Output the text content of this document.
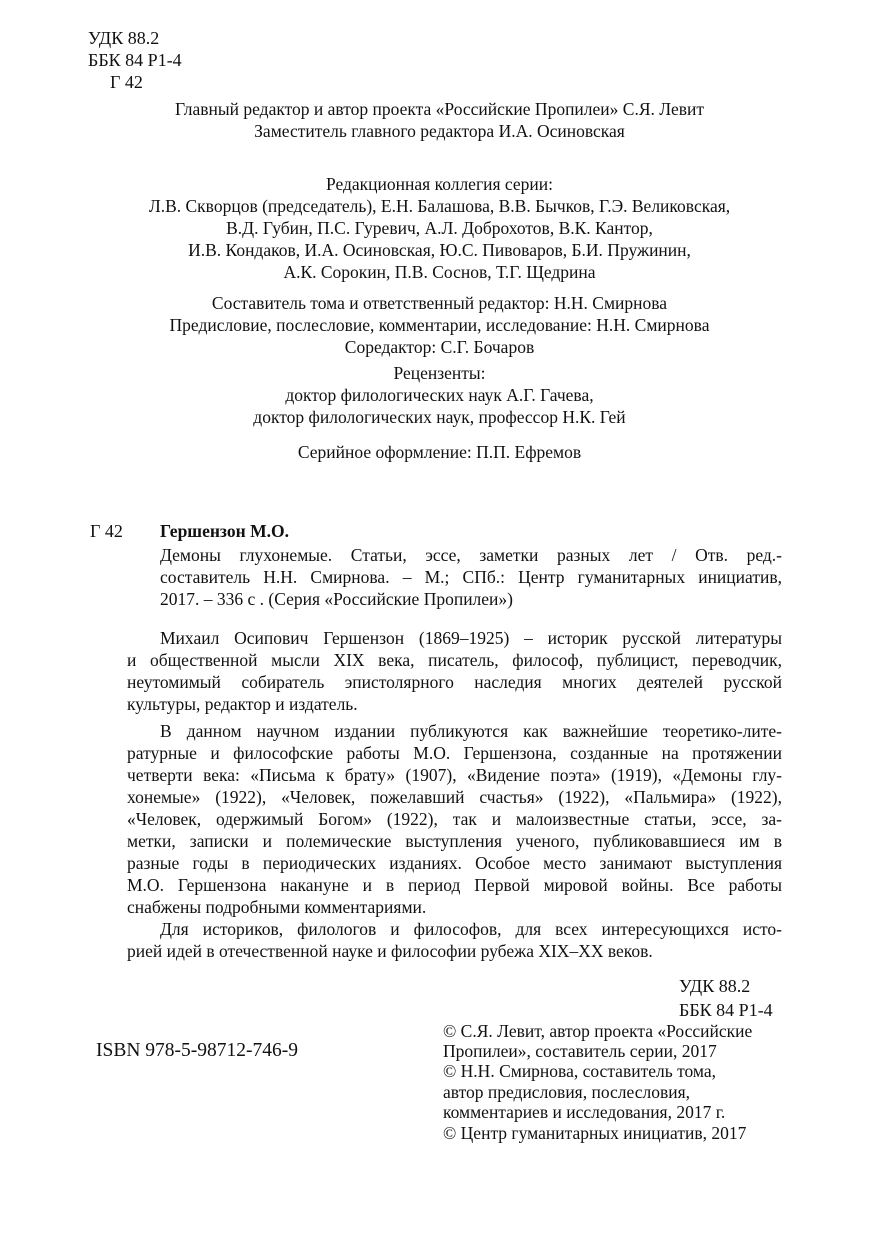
УДК 88.2
ББК 84 Р1-4
Г 42
Главный редактор и автор проекта «Российские Пропилеи» С.Я. Левит
Заместитель главного редактора И.А. Осиновская
Редакционная коллегия серии:
Л.В. Скворцов (председатель), Е.Н. Балашова, В.В. Бычков, Г.Э. Великовская,
В.Д. Губин, П.С. Гуревич, А.Л. Доброхотов, В.К. Кантор,
И.В. Кондаков, И.А. Осиновская, Ю.С. Пивоваров, Б.И. Пружинин,
А.К. Сорокин, П.В. Соснов, Т.Г. Щедрина
Составитель тома и ответственный редактор: Н.Н. Смирнова
Предисловие, послесловие, комментарии, исследование: Н.Н. Смирнова
Соредактор: С.Г. Бочаров
Рецензенты:
доктор филологических наук А.Г. Гачева,
доктор филологических наук, профессор Н.К. Гей
Серийное оформление: П.П. Ефремов
Г 42 Гершензон М.О.
Демоны глухонемые. Статьи, эссе, заметки разных лет / Отв. ред.-
составитель Н.Н. Смирнова. – М.; СПб.: Центр гуманитарных инициатив,
2017. – 336 с . (Серия «Российские Пропилеи»)
Михаил Осипович Гершензон (1869–1925) – историк русской литературы
и общественной мысли XIX века, писатель, философ, публицист, переводчик,
неутомимый собиратель эпистолярного наследия многих деятелей русской
культуры, редактор и издатель.
В данном научном издании публикуются как важнейшие теоретико-лите-
ратурные и философские работы М.О. Гершензона, созданные на протяжении
четверти века: «Письма к брату» (1907), «Видение поэта» (1919), «Демоны глу-
хонемые» (1922), «Человек, пожелавший счастья» (1922), «Пальмира» (1922),
«Человек, одержимый Богом» (1922), так и малоизвестные статьи, эссе, за-
метки, записки и полемические выступления ученого, публиковавшиеся им в
разные годы в периодических изданиях. Особое место занимают выступления
М.О. Гершензона накануне и в период Первой мировой войны. Все работы
снабжены подробными комментариями.
Для историков, филологов и философов, для всех интересующихся исто-
рией идей в отечественной науке и философии рубежа XIX–XX веков.
УДК 88.2
ББК 84 Р1-4
ISBN 978-5-98712-746-9
© С.Я. Левит, автор проекта «Российские
Пропилеи», составитель серии, 2017
© Н.Н. Смирнова, составитель тома,
автор предисловия, послесловия,
комментариев и исследования, 2017 г.
© Центр гуманитарных инициатив, 2017
